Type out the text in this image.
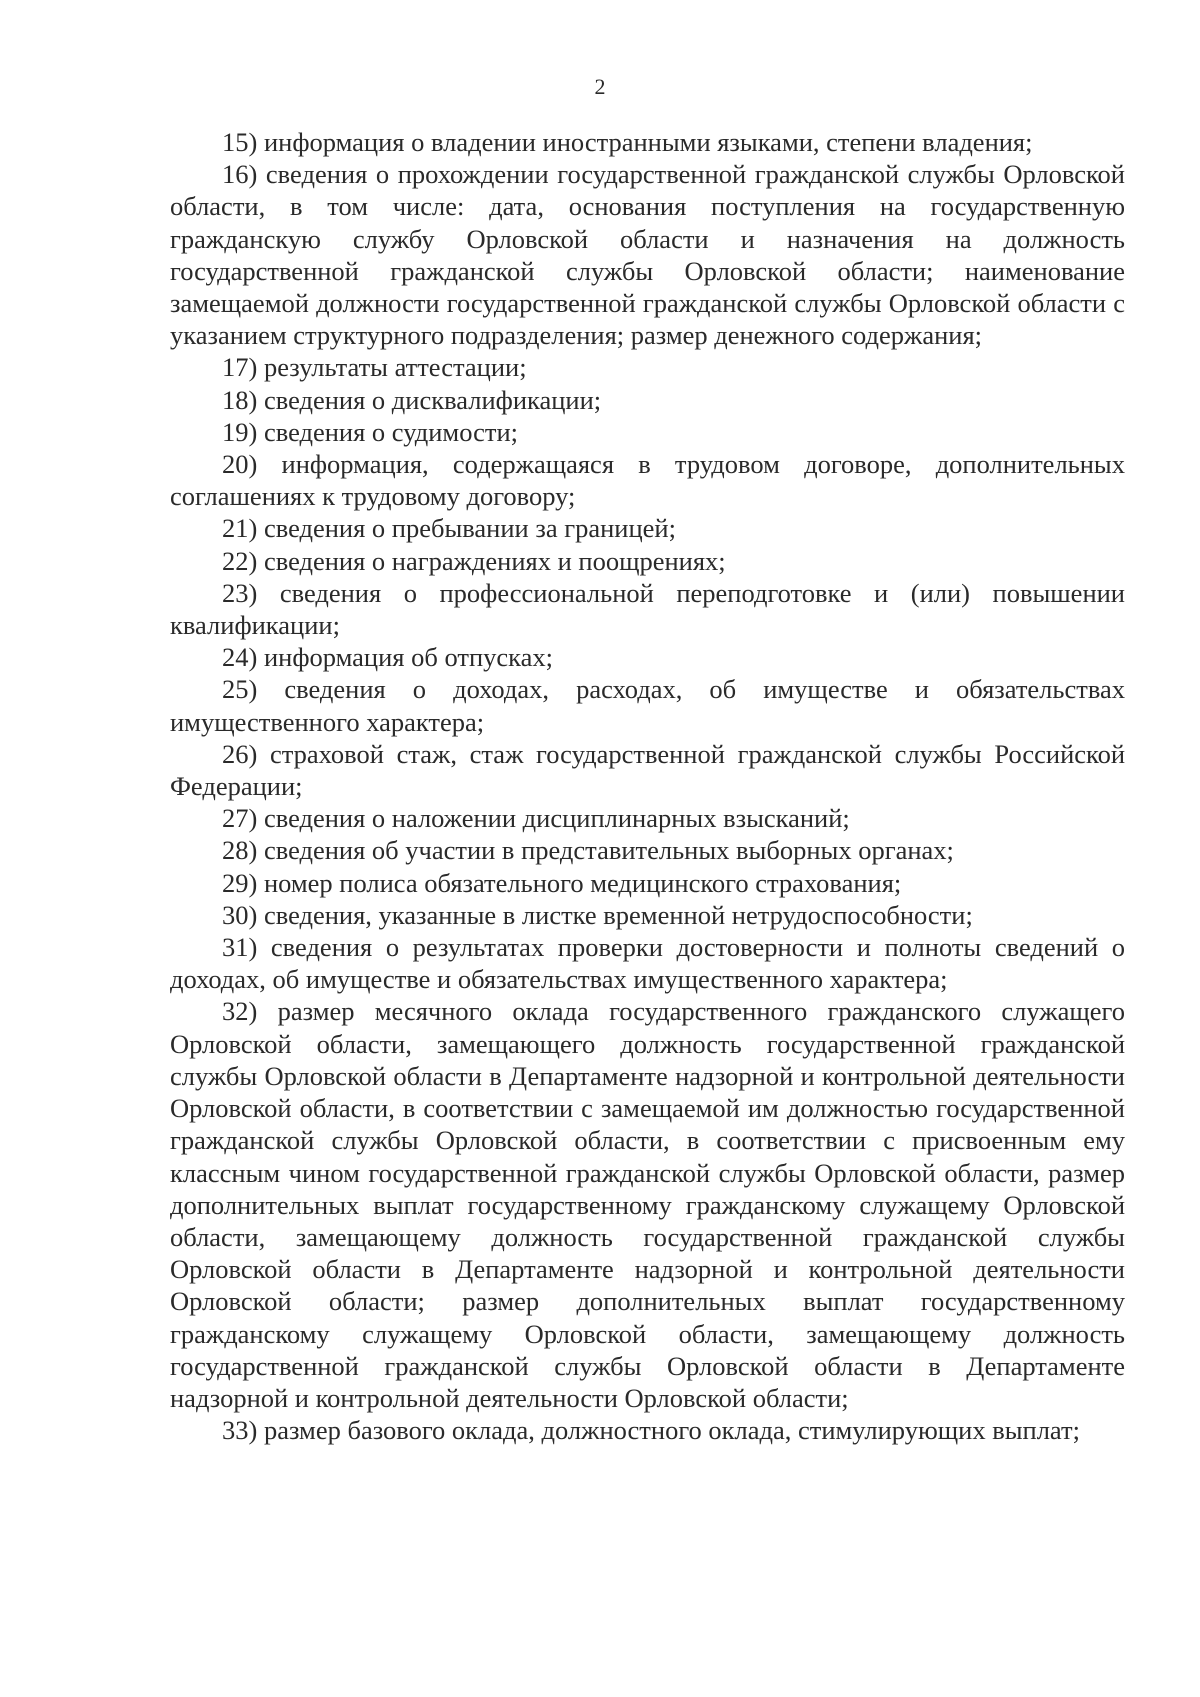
2

15) информация о владении иностранными языками, степени владения;

16) сведения о прохождении государственной гражданской службы Орловской области, в том числе: дата, основания поступления на государственную гражданскую службу Орловской области и назначения на должность государственной гражданской службы Орловской области; наименование замещаемой должности государственной гражданской службы Орловской области с указанием структурного подразделения; размер денежного содержания;

17) результаты аттестации;

18) сведения о дисквалификации;

19) сведения о судимости;

20) информация, содержащаяся в трудовом договоре, дополнительных соглашениях к трудовому договору;

21) сведения о пребывании за границей;

22) сведения о награждениях и поощрениях;

23) сведения о профессиональной переподготовке и (или) повышении квалификации;

24) информация об отпусках;

25) сведения о доходах, расходах, об имуществе и обязательствах имущественного характера;

26) страховой стаж, стаж государственной гражданской службы Российской Федерации;

27) сведения о наложении дисциплинарных взысканий;

28) сведения об участии в представительных выборных органах;

29) номер полиса обязательного медицинского страхования;

30) сведения, указанные в листке временной нетрудоспособности;

31) сведения о результатах проверки достоверности и полноты сведений о доходах, об имуществе и обязательствах имущественного характера;

32) размер месячного оклада государственного гражданского служащего Орловской области, замещающего должность государственной гражданской службы Орловской области в Департаменте надзорной и контрольной деятельности Орловской области, в соответствии с замещаемой им должностью государственной гражданской службы Орловской области, в соответствии с присвоенным ему классным чином государственной гражданской службы Орловской области, размер дополнительных выплат государственному гражданскому служащему Орловской области, замещающему должность государственной гражданской службы Орловской области в Департаменте надзорной и контрольной деятельности Орловской области; размер дополнительных выплат государственному гражданскому служащему Орловской области, замещающему должность государственной гражданской службы Орловской области в Департаменте надзорной и контрольной деятельности Орловской области;

33) размер базового оклада, должностного оклада, стимулирующих выплат;
